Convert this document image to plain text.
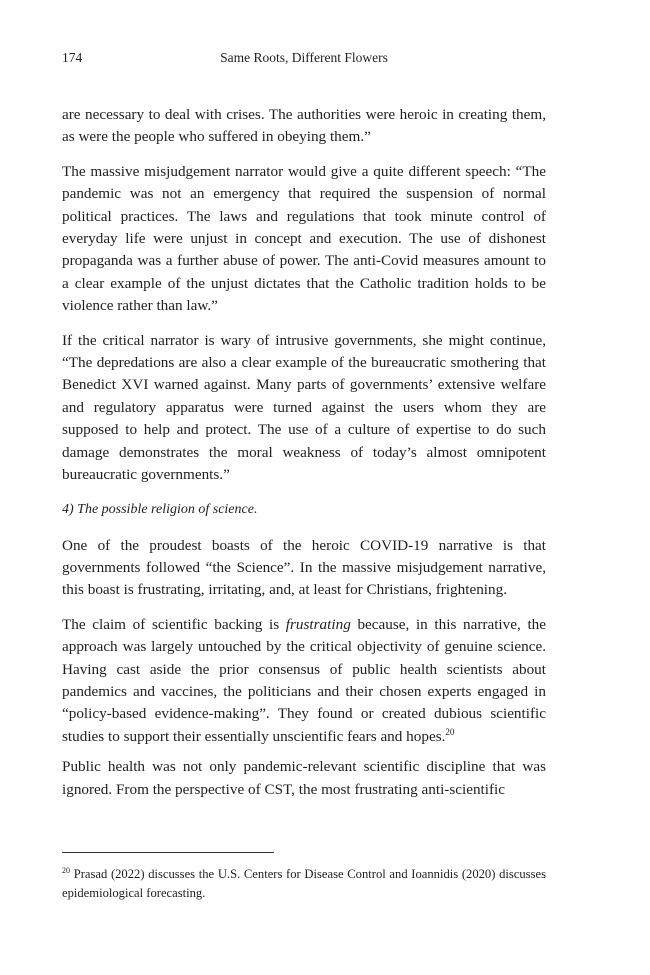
174	Same Roots, Different Flowers

are necessary to deal with crises. The authorities were heroic in creating them, as were the people who suffered in obeying them.”

The massive misjudgement narrator would give a quite different speech: “The pandemic was not an emergency that required the suspension of normal political practices. The laws and regulations that took minute control of everyday life were unjust in concept and execution. The use of dishonest propaganda was a further abuse of power. The anti-Covid measures amount to a clear example of the unjust dictates that the Catholic tradition holds to be violence rather than law.”

If the critical narrator is wary of intrusive governments, she might continue, “The depredations are also a clear example of the bureaucratic smothering that Benedict XVI warned against. Many parts of governments’ extensive welfare and regulatory apparatus were turned against the users whom they are supposed to help and protect. The use of a culture of expertise to do such damage demonstrates the moral weakness of today’s almost omnipotent bureaucratic governments.”

4) The possible religion of science.

One of the proudest boasts of the heroic COVID-19 narrative is that governments followed “the Science”. In the massive misjudgement narrative, this boast is frustrating, irritating, and, at least for Christians, frightening.

The claim of scientific backing is frustrating because, in this narrative, the approach was largely untouched by the critical objectivity of genuine science. Having cast aside the prior consensus of public health scientists about pandemics and vaccines, the politicians and their chosen experts engaged in “policy-based evidence-making”. They found or created dubious scientific studies to support their essentially unscientific fears and hopes.$^{20}$

Public health was not only pandemic-relevant scientific discipline that was ignored. From the perspective of CST, the most frustrating anti-scientific

$^{20}$ Prasad (2022) discusses the U.S. Centers for Disease Control and Ioannidis (2020) discusses epidemiological forecasting.
